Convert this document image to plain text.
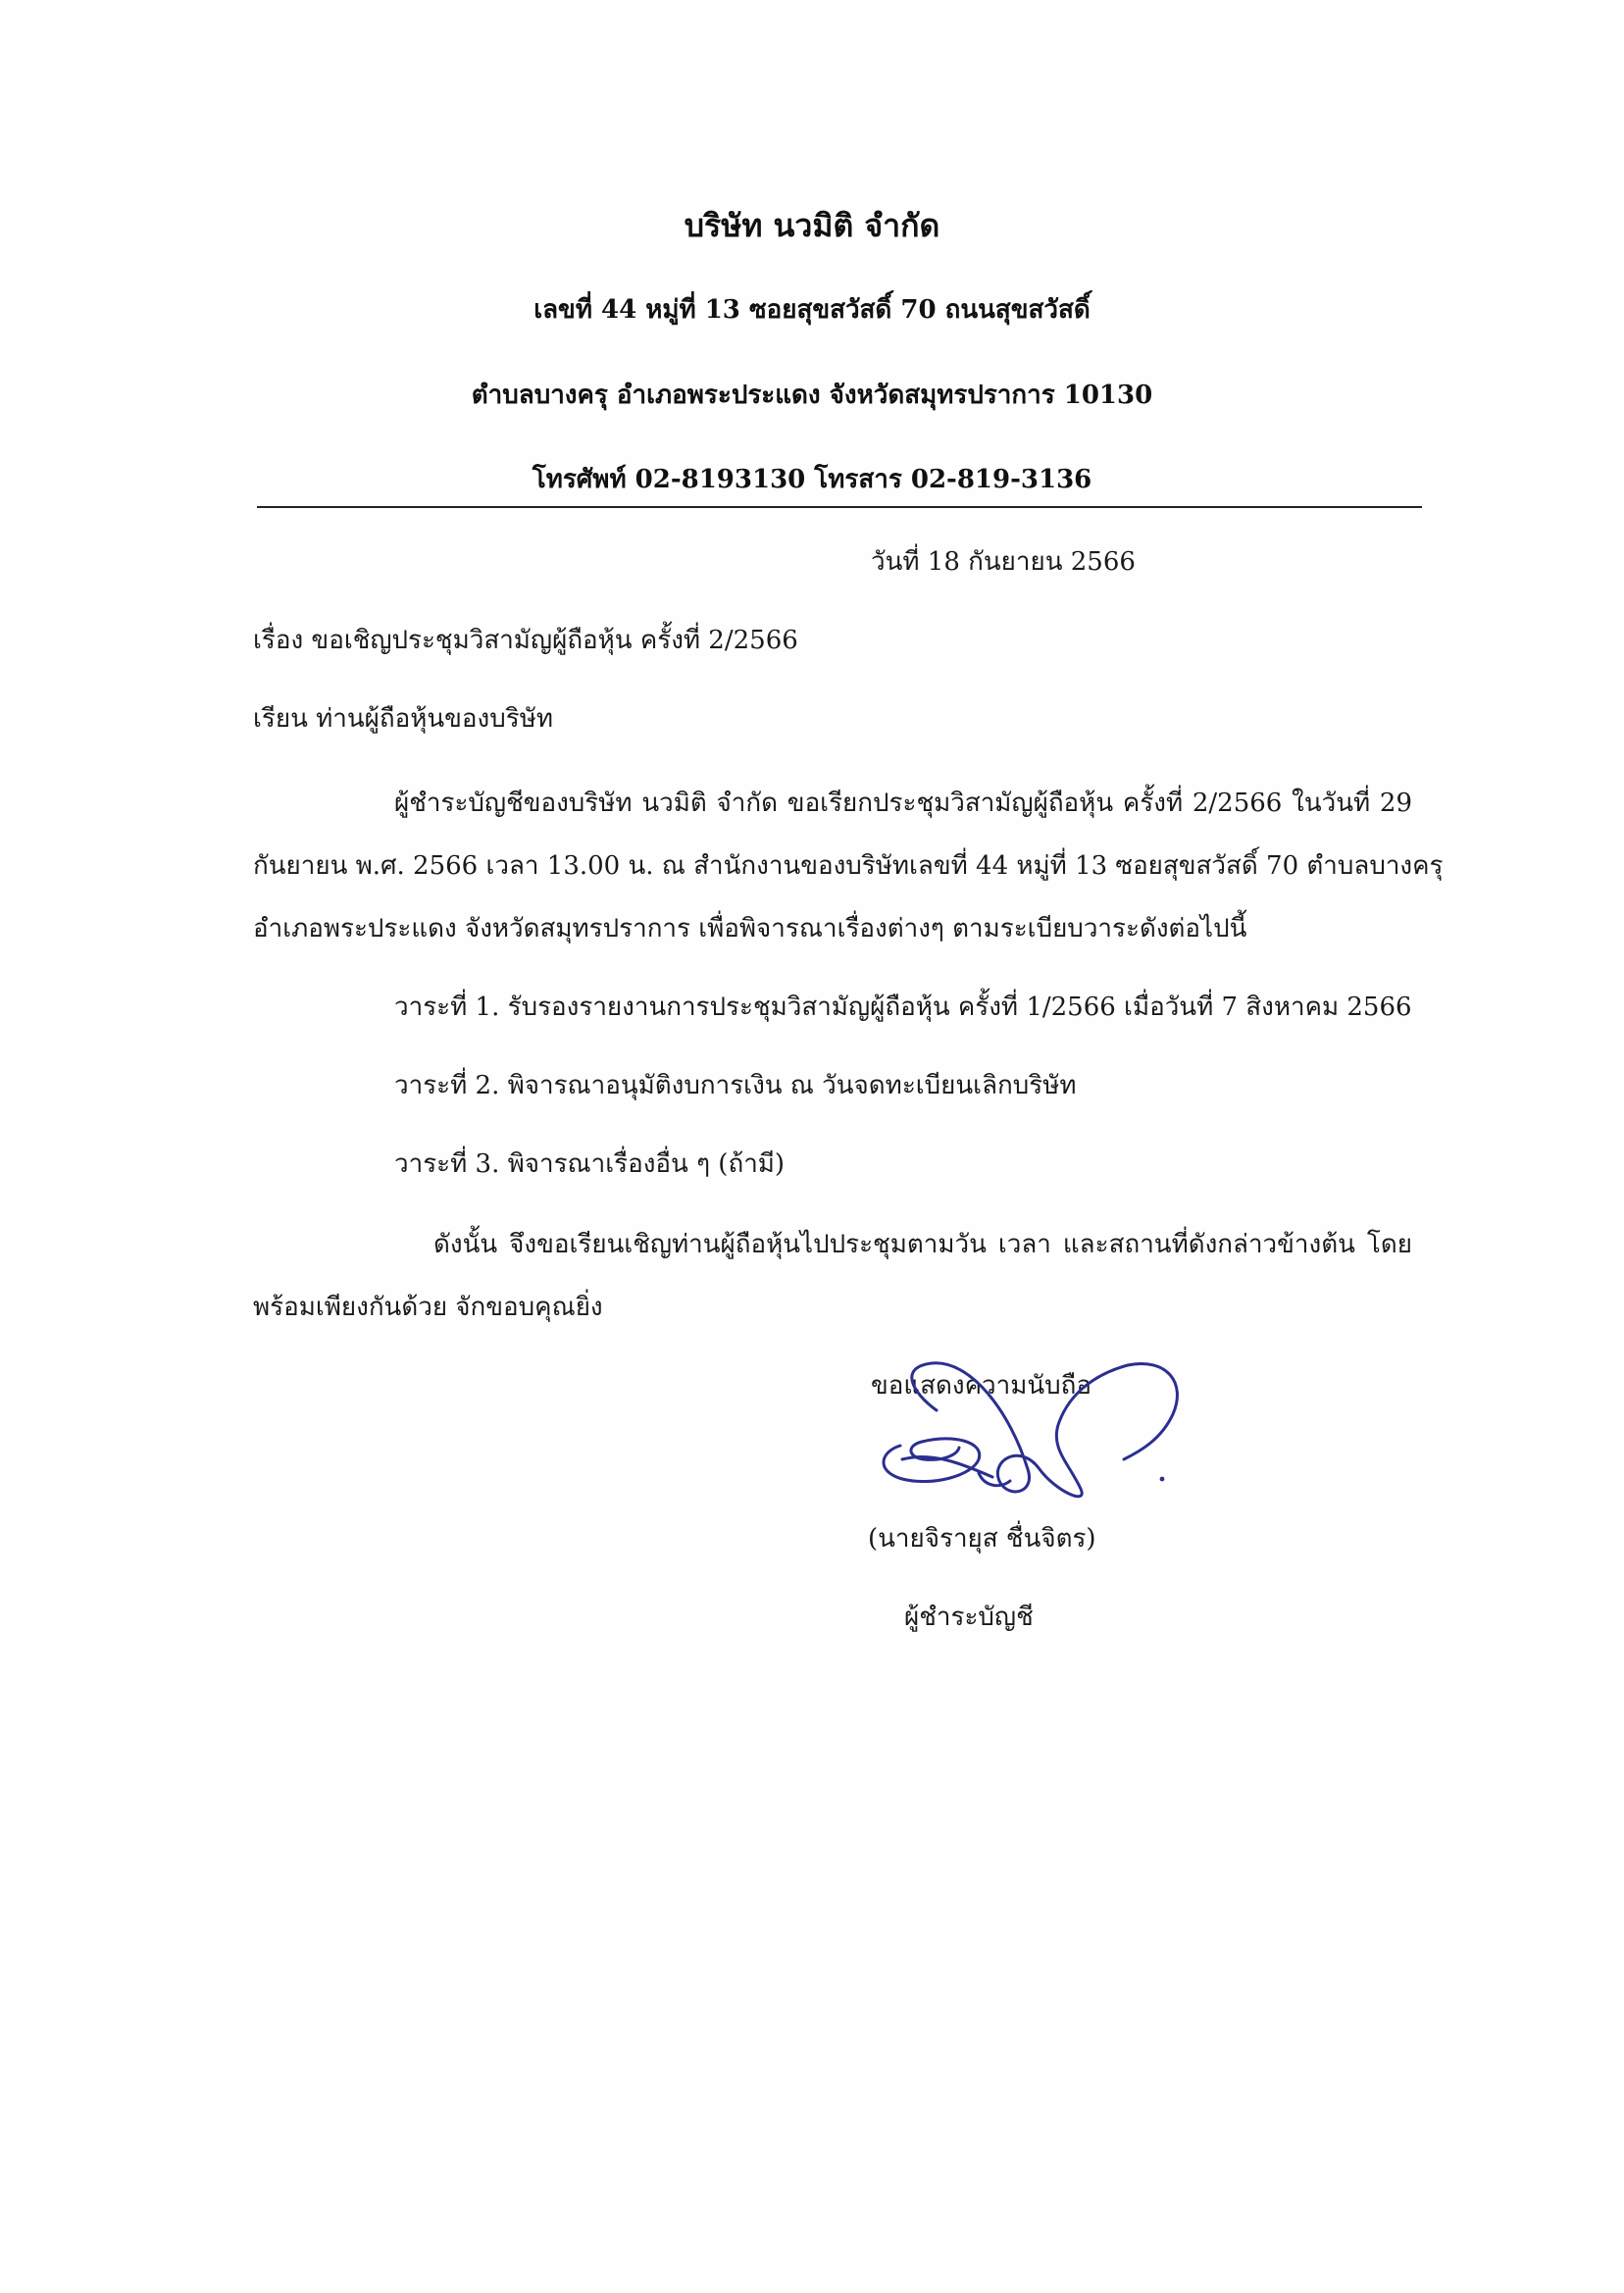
บริษัท นวมิติ จำกัด
เลขที่ 44 หมู่ที่ 13 ซอยสุขสวัสดิ์ 70 ถนนสุขสวัสดิ์
ตำบลบางครุ อำเภอพระประแดง จังหวัดสมุทรปราการ 10130
โทรศัพท์ 02-8193130 โทรสาร 02-819-3136
วันที่ 18 กันยายน 2566
เรื่อง ขอเชิญประชุมวิสามัญผู้ถือหุ้น ครั้งที่ 2/2566
เรียน ท่านผู้ถือหุ้นของบริษัท
ผู้ชำระบัญชีของบริษัท นวมิติ จำกัด ขอเรียกประชุมวิสามัญผู้ถือหุ้น ครั้งที่ 2/2566 ในวันที่ 29
กันยายน พ.ศ. 2566 เวลา 13.00 น. ณ สำนักงานของบริษัทเลขที่ 44 หมู่ที่ 13 ซอยสุขสวัสดิ์ 70 ตำบลบางครุ
อำเภอพระประแดง จังหวัดสมุทรปราการ เพื่อพิจารณาเรื่องต่างๆ ตามระเบียบวาระดังต่อไปนี้
วาระที่ 1. รับรองรายงานการประชุมวิสามัญผู้ถือหุ้น ครั้งที่ 1/2566 เมื่อวันที่ 7 สิงหาคม 2566
วาระที่ 2. พิจารณาอนุมัติงบการเงิน ณ วันจดทะเบียนเลิกบริษัท
วาระที่ 3. พิจารณาเรื่องอื่น ๆ (ถ้ามี)
ดังนั้น จึงขอเรียนเชิญท่านผู้ถือหุ้นไปประชุมตามวัน เวลา และสถานที่ดังกล่าวข้างต้น โดย
พร้อมเพียงกันด้วย จักขอบคุณยิ่ง
ขอแสดงความนับถือ
(นายจิรายุส ชื่นจิตร)
ผู้ชำระบัญชี
